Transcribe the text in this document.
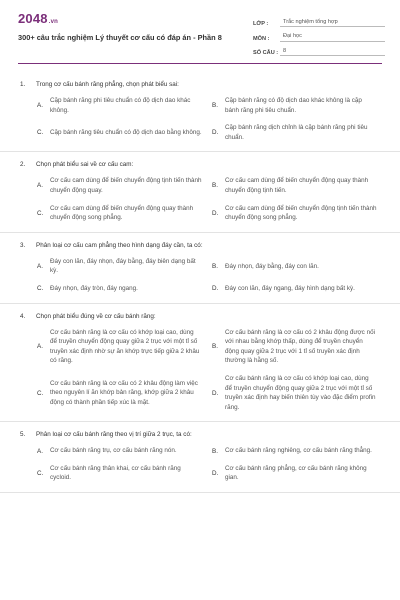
2048.vn
300+ câu trắc nghiệm Lý thuyết cơ cấu có đáp án - Phần 8
LỚP :	Trắc nghiệm tổng hợp
MÔN :	Đại học
SỐ CÂU : 8
1.	Trong cơ cấu bánh răng phẳng, chọn phát biểu sai:
A.
Cặp bánh răng phi tiêu chuẩn có độ dịch dao khác không.
B.
Cặp bánh răng có độ dịch dao khác không là cặp bánh răng phi tiêu chuẩn.
C.	Cặp bánh răng tiêu chuẩn có độ dịch dao bằng không.	D.
Cặp bánh răng dịch chỉnh là cặp bánh răng phi tiêu chuẩn.
2.	Chọn phát biểu sai về cơ cấu cam:
A.
Cơ cấu cam dùng để biến chuyển động tịnh tiến thành chuyển động quay.
B.
Cơ cấu cam dùng để biến chuyển động quay thành chuyển động tịnh tiến.
C.
Cơ cấu cam dùng để biến chuyển động quay thành chuyển động song phẳng.
D.
Cơ cấu cam dùng để biến chuyển động tịnh tiến thành chuyển động song phẳng.
3.	Phân loại cơ cấu cam phẳng theo hình dạng đáy cần, ta có:
A.
Đáy con lăn, đáy nhọn, đáy bằng, đáy biên dạng bất kỳ.
B.	Đáy nhọn, đáy bằng, đáy con lăn.
C.	Đáy nhọn, đáy tròn, đáy ngang.	D.	Đáy con lăn, đáy ngang, đáy hình dạng bất kỳ.
4.	Chọn phát biểu đúng về cơ cấu bánh răng:
A.
Cơ cấu bánh răng là cơ cấu có khớp loại cao, dùng để truyền chuyển động quay giữa 2 trục với một tỉ số truyền xác định nhờ sự ăn khớp trực tiếp giữa 2 khâu có răng.
B.
Cơ cấu bánh răng là cơ cấu có 2 khâu động được nối với nhau bằng khớp thấp, dùng để truyền chuyển động quay giữa 2 trục với 1 tỉ số truyền xác định thường là hằng số.
C.
Cơ cấu bánh răng là cơ cấu có 2 khâu động làm việc theo nguyên lí ăn khớp bản răng, khớp giữa 2 khâu động có thành phần tiếp xúc là mặt.
D.
Cơ cấu bánh răng là cơ cấu có khớp loại cao, dùng để truyền chuyển động quay giữa 2 trục với một tỉ số truyền xác định hay biến thiên tùy vào đặc điểm profin răng.
5.	Phân loại cơ cấu bánh răng theo vị trí giữa 2 trục, ta có:
A.	Cơ cấu bánh răng trụ, cơ cấu bánh răng nón.	B.	Cơ cấu bánh răng nghiêng, cơ cấu bánh răng thẳng.
C.
Cơ cấu bánh răng thân khai, cơ cấu bánh răng cycloid.
D.
Cơ cấu bánh răng phẳng, cơ cấu bánh răng không gian.
